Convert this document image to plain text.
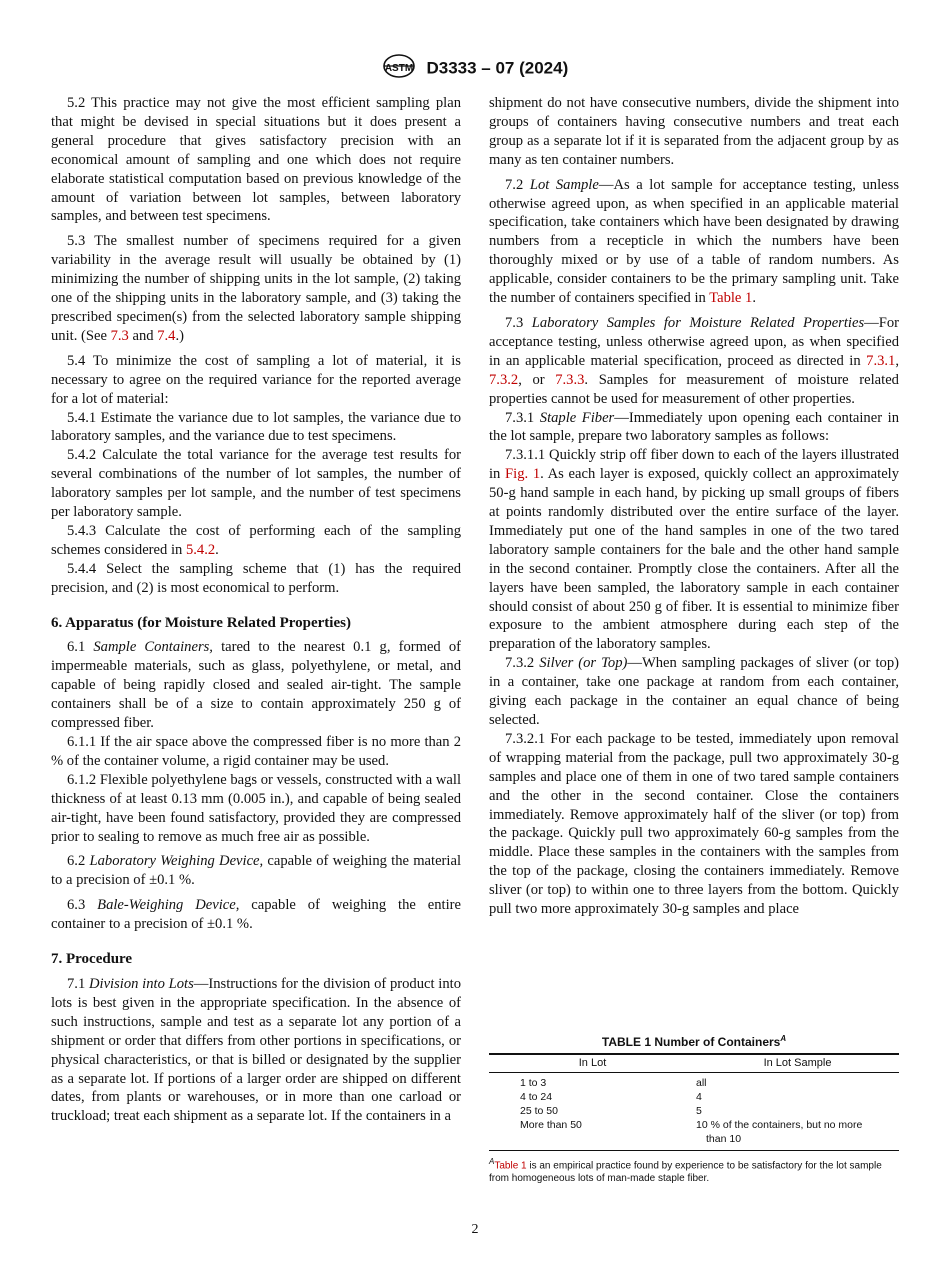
ASTM D3333 – 07 (2024)

5.2 This practice may not give the most efficient sampling plan that might be devised in special situations but it does present a general procedure that gives satisfactory precision with an economical amount of sampling and one which does not require elaborate statistical computation based on previous knowledge of the amount of variation between lot samples, between laboratory samples, and between test specimens.

5.3 The smallest number of specimens required for a given variability in the average result will usually be obtained by (1) minimizing the number of shipping units in the lot sample, (2) taking one of the shipping units in the laboratory sample, and (3) taking the prescribed specimen(s) from the selected laboratory sample shipping unit. (See 7.3 and 7.4.)

5.4 To minimize the cost of sampling a lot of material, it is necessary to agree on the required variance for the reported average for a lot of material:

5.4.1 Estimate the variance due to lot samples, the variance due to laboratory samples, and the variance due to test specimens.

5.4.2 Calculate the total variance for the average test results for several combinations of the number of lot samples, the number of laboratory samples per lot sample, and the number of test specimens per laboratory sample.

5.4.3 Calculate the cost of performing each of the sampling schemes considered in 5.4.2.

5.4.4 Select the sampling scheme that (1) has the required precision, and (2) is most economical to perform.

6. Apparatus (for Moisture Related Properties)

6.1 Sample Containers, tared to the nearest 0.1 g, formed of impermeable materials, such as glass, polyethylene, or metal, and capable of being rapidly closed and sealed air-tight. The sample containers shall be of a size to contain approximately 250 g of compressed fiber.

6.1.1 If the air space above the compressed fiber is no more than 2 % of the container volume, a rigid container may be used.

6.1.2 Flexible polyethylene bags or vessels, constructed with a wall thickness of at least 0.13 mm (0.005 in.), and capable of being sealed air-tight, have been found satisfactory, provided they are compressed prior to sealing to remove as much free air as possible.

6.2 Laboratory Weighing Device, capable of weighing the material to a precision of ±0.1 %.

6.3 Bale-Weighing Device, capable of weighing the entire container to a precision of ±0.1 %.

7. Procedure

7.1 Division into Lots—Instructions for the division of product into lots is best given in the appropriate specification. In the absence of such instructions, sample and test as a separate lot any portion of a shipment or order that differs from other portions in specifications, or physical characteristics, or that is billed or designated by the supplier as a separate lot. If portions of a larger order are shipped on different dates, from plants or warehouses, or in more than one carload or truckload; treat each shipment as a separate lot. If the containers in a

shipment do not have consecutive numbers, divide the shipment into groups of containers having consecutive numbers and treat each group as a separate lot if it is separated from the adjacent group by as many as ten container numbers.

7.2 Lot Sample—As a lot sample for acceptance testing, unless otherwise agreed upon, as when specified in an applicable material specification, take containers which have been designated by drawing numbers from a recepticle in which the numbers have been thoroughly mixed or by use of a table of random numbers. As applicable, consider containers to be the primary sampling unit. Take the number of containers specified in Table 1.

7.3 Laboratory Samples for Moisture Related Properties—For acceptance testing, unless otherwise agreed upon, as when specified in an applicable material specification, proceed as directed in 7.3.1, 7.3.2, or 7.3.3. Samples for measurement of moisture related properties cannot be used for measurement of other properties.

7.3.1 Staple Fiber—Immediately upon opening each container in the lot sample, prepare two laboratory samples as follows:

7.3.1.1 Quickly strip off fiber down to each of the layers illustrated in Fig. 1. As each layer is exposed, quickly collect an approximately 50-g hand sample in each hand, by picking up small groups of fibers at points randomly distributed over the entire surface of the layer. Immediately put one of the hand samples in one of the two tared laboratory sample containers for the bale and the other hand sample in the second container. Promptly close the containers. After all the layers have been sampled, the laboratory sample in each container should consist of about 250 g of fiber. It is essential to minimize fiber exposure to the ambient atmosphere during each step of the preparation of the laboratory samples.

7.3.2 Silver (or Top)—When sampling packages of sliver (or top) in a container, take one package at random from each container, giving each package in the container an equal chance of being selected.

7.3.2.1 For each package to be tested, immediately upon removal of wrapping material from the package, pull two approximately 30-g samples and place one of them in one of two tared sample containers and the other in the second container. Close the containers immediately. Remove approximately half of the sliver (or top) from the package. Quickly pull two approximately 60-g samples from the middle. Place these samples in the containers with the samples from the top of the package, closing the containers immediately. Remove sliver (or top) to within one to three layers from the bottom. Quickly pull two more approximately 30-g samples and place

TABLE 1 Number of Containers$^A$
In Lot	In Lot Sample
1 to 3	all
4 to 24	4
25 to 50	5
More than 50	10 % of the containers, but no more
than 10
$^A$Table 1 is an empirical practice found by experience to be satisfactory for the lot sample from homogeneous lots of man-made staple fiber.
2
